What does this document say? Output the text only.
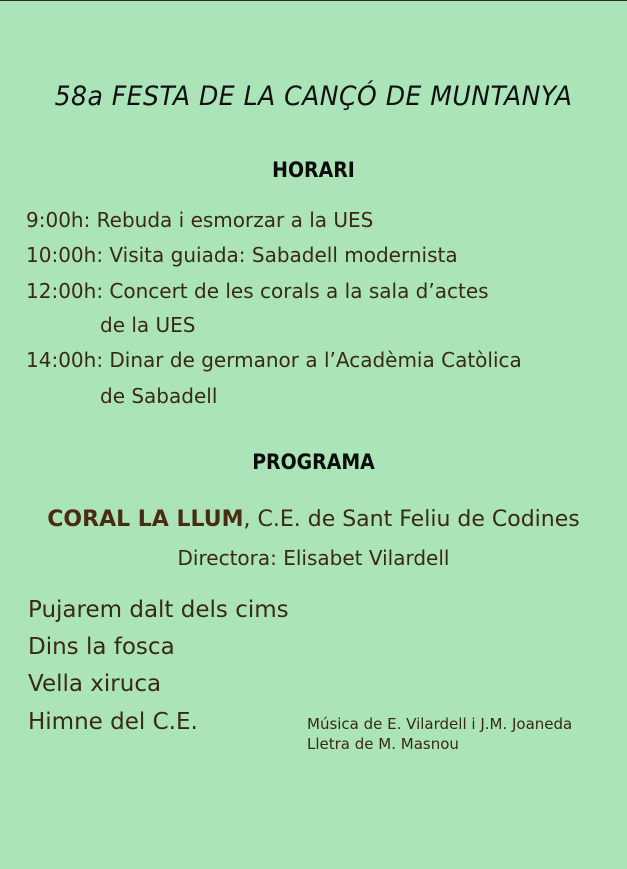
58a FESTA DE LA CANÇÓ DE MUNTANYA
HORARI
9:00h: Rebuda i esmorzar a la UES
10:00h: Visita guiada: Sabadell modernista
12:00h: Concert de les corals a la sala d’actes
de la UES
14:00h: Dinar de germanor a l’Acadèmia Catòlica
de Sabadell
PROGRAMA
CORAL LA LLUM, C.E. de Sant Feliu de Codines
Directora: Elisabet Vilardell
Pujarem dalt dels cims
Dins la fosca
Vella xiruca
Himne del C.E.	Música de E. Vilardell i J.M. Joaneda
Lletra de M. Masnou
